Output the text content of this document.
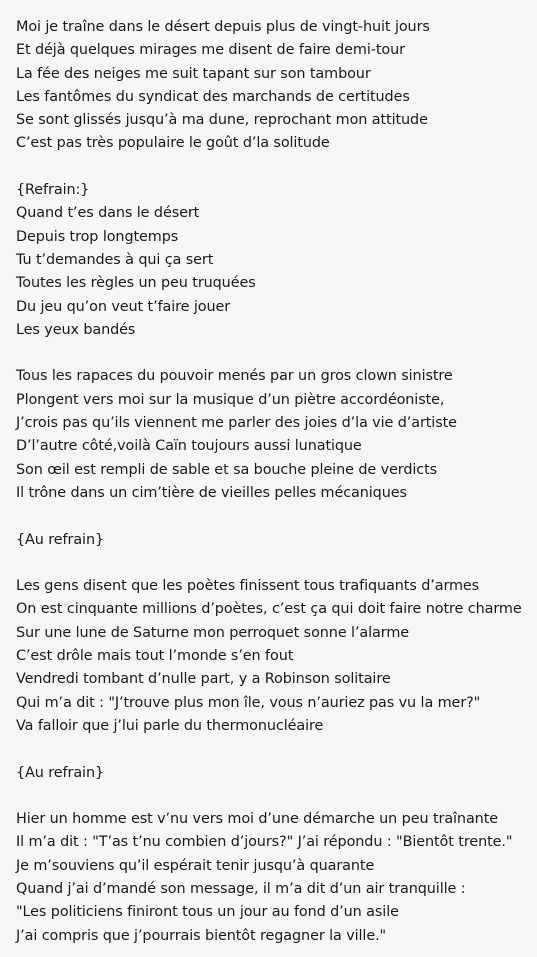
Moi je traîne dans le désert depuis plus de vingt-huit jours
Et déjà quelques mirages me disent de faire demi-tour
La fée des neiges me suit tapant sur son tambour
Les fantômes du syndicat des marchands de certitudes
Se sont glissés jusqu’à ma dune, reprochant mon attitude
C’est pas très populaire le goût d’la solitude
{Refrain:}
Quand t’es dans le désert
Depuis trop longtemps
Tu t’demandes à qui ça sert
Toutes les règles un peu truquées
Du jeu qu’on veut t’faire jouer
Les yeux bandés
Tous les rapaces du pouvoir menés par un gros clown sinistre
Plongent vers moi sur la musique d’un piètre accordéoniste,
J’crois pas qu’ils viennent me parler des joies d’la vie d’artiste
D’l’autre côté,voilà Caïn toujours aussi lunatique
Son œil est rempli de sable et sa bouche pleine de verdicts
Il trône dans un cim’tière de vieilles pelles mécaniques
{Au refrain}
Les gens disent que les poètes finissent tous trafiquants d’armes
On est cinquante millions d’poètes, c’est ça qui doit faire notre charme
Sur une lune de Saturne mon perroquet sonne l’alarme
C’est drôle mais tout l’monde s’en fout
Vendredi tombant d’nulle part, y a Robinson solitaire
Qui m’a dit : "J’trouve plus mon île, vous n’auriez pas vu la mer?"
Va falloir que j’lui parle du thermonucléaire
{Au refrain}
Hier un homme est v’nu vers moi d’une démarche un peu traînante
Il m’a dit : "T’as t’nu combien d’jours?" J’ai répondu : "Bientôt trente."
Je m’souviens qu’il espérait tenir jusqu’à quarante
Quand j’ai d’mandé son message, il m’a dit d’un air tranquille :
"Les politiciens finiront tous un jour au fond d’un asile
J’ai compris que j’pourrais bientôt regagner la ville."
